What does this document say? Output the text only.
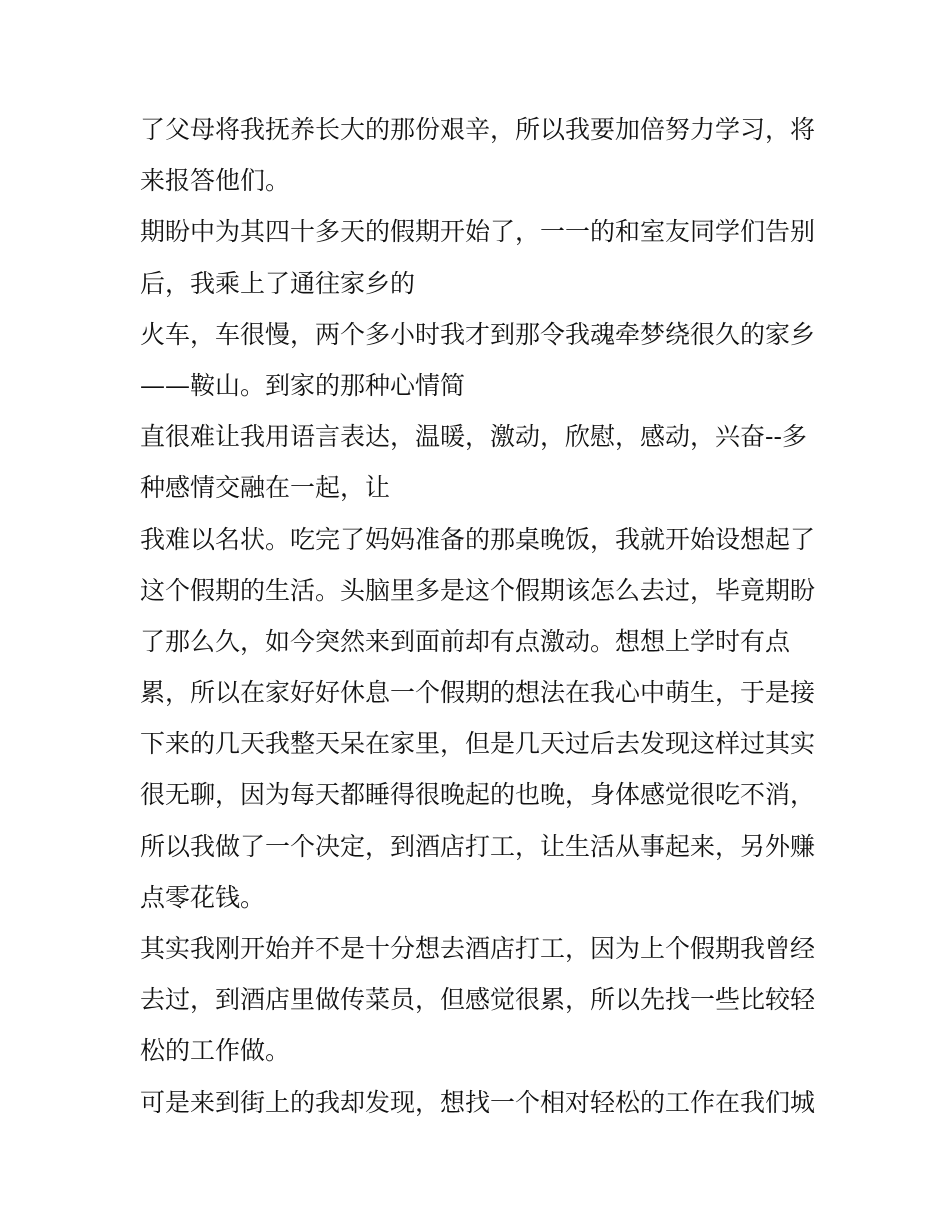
了父母将我抚养长大的那份艰辛，所以我要加倍努力学习，将
来报答他们。
期盼中为其四十多天的假期开始了，一一的和室友同学们告别
后，我乘上了通往家乡的
火车，车很慢，两个多小时我才到那令我魂牵梦绕很久的家乡
——鞍山。到家的那种心情简
直很难让我用语言表达，温暖，激动，欣慰，感动，兴奋--多
种感情交融在一起，让
我难以名状。吃完了妈妈准备的那桌晚饭，我就开始设想起了
这个假期的生活。头脑里多是这个假期该怎么去过，毕竟期盼
了那么久，如今突然来到面前却有点激动。想想上学时有点
累，所以在家好好休息一个假期的想法在我心中萌生，于是接
下来的几天我整天呆在家里，但是几天过后去发现这样过其实
很无聊，因为每天都睡得很晚起的也晚，身体感觉很吃不消，
所以我做了一个决定，到酒店打工，让生活从事起来，另外赚
点零花钱。
其实我刚开始并不是十分想去酒店打工，因为上个假期我曾经
去过，到酒店里做传菜员，但感觉很累，所以先找一些比较轻
松的工作做。
可是来到街上的我却发现，想找一个相对轻松的工作在我们城
